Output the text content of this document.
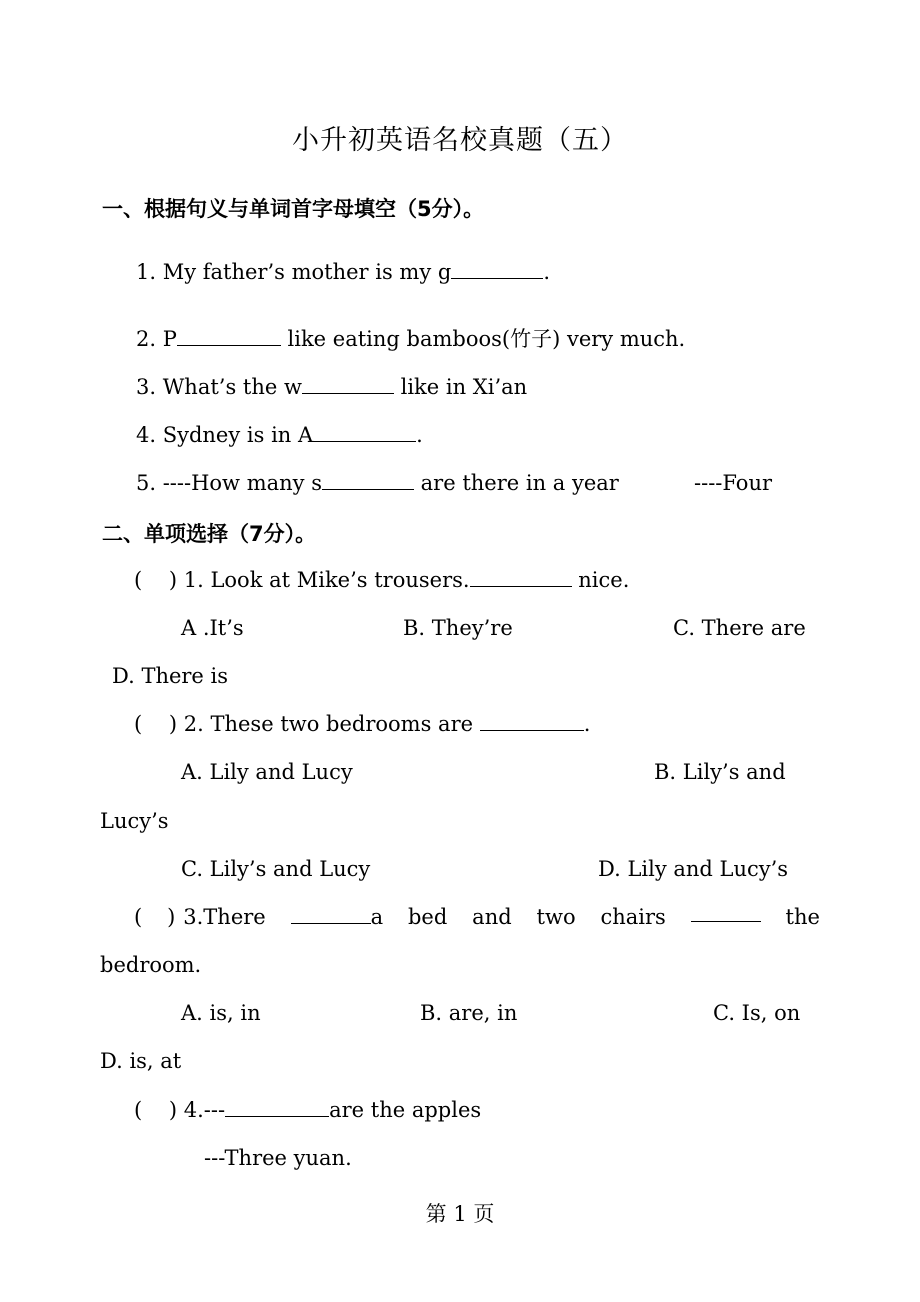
小升初英语名校真题（五）
一、根据句义与单词首字母填空（5分）。
1. My father’s mother is my g	.
2. P	like eating bamboos(竹子) very much.
3. What’s the w	like in Xi’an
4. Sydney is in A	.
5. ----How many s	are there in a year	----Four
二、单项选择（7分）。
(    ) 1. Look at Mike’s trousers.	nice.
A .It’s	B. They’re	C. There are
D. There is
(    ) 2. These two bedrooms are	.
A. Lily and Lucy	B. Lily’s and
Lucy’s
C. Lily’s and Lucy	D. Lily and Lucy’s
( ) 3.There	a bed and two chairs	the
bedroom.
A. is, in	B. are, in	C. Is, on
D. is, at
(    ) 4.---	are the apples
---Three yuan.
第 1 页
